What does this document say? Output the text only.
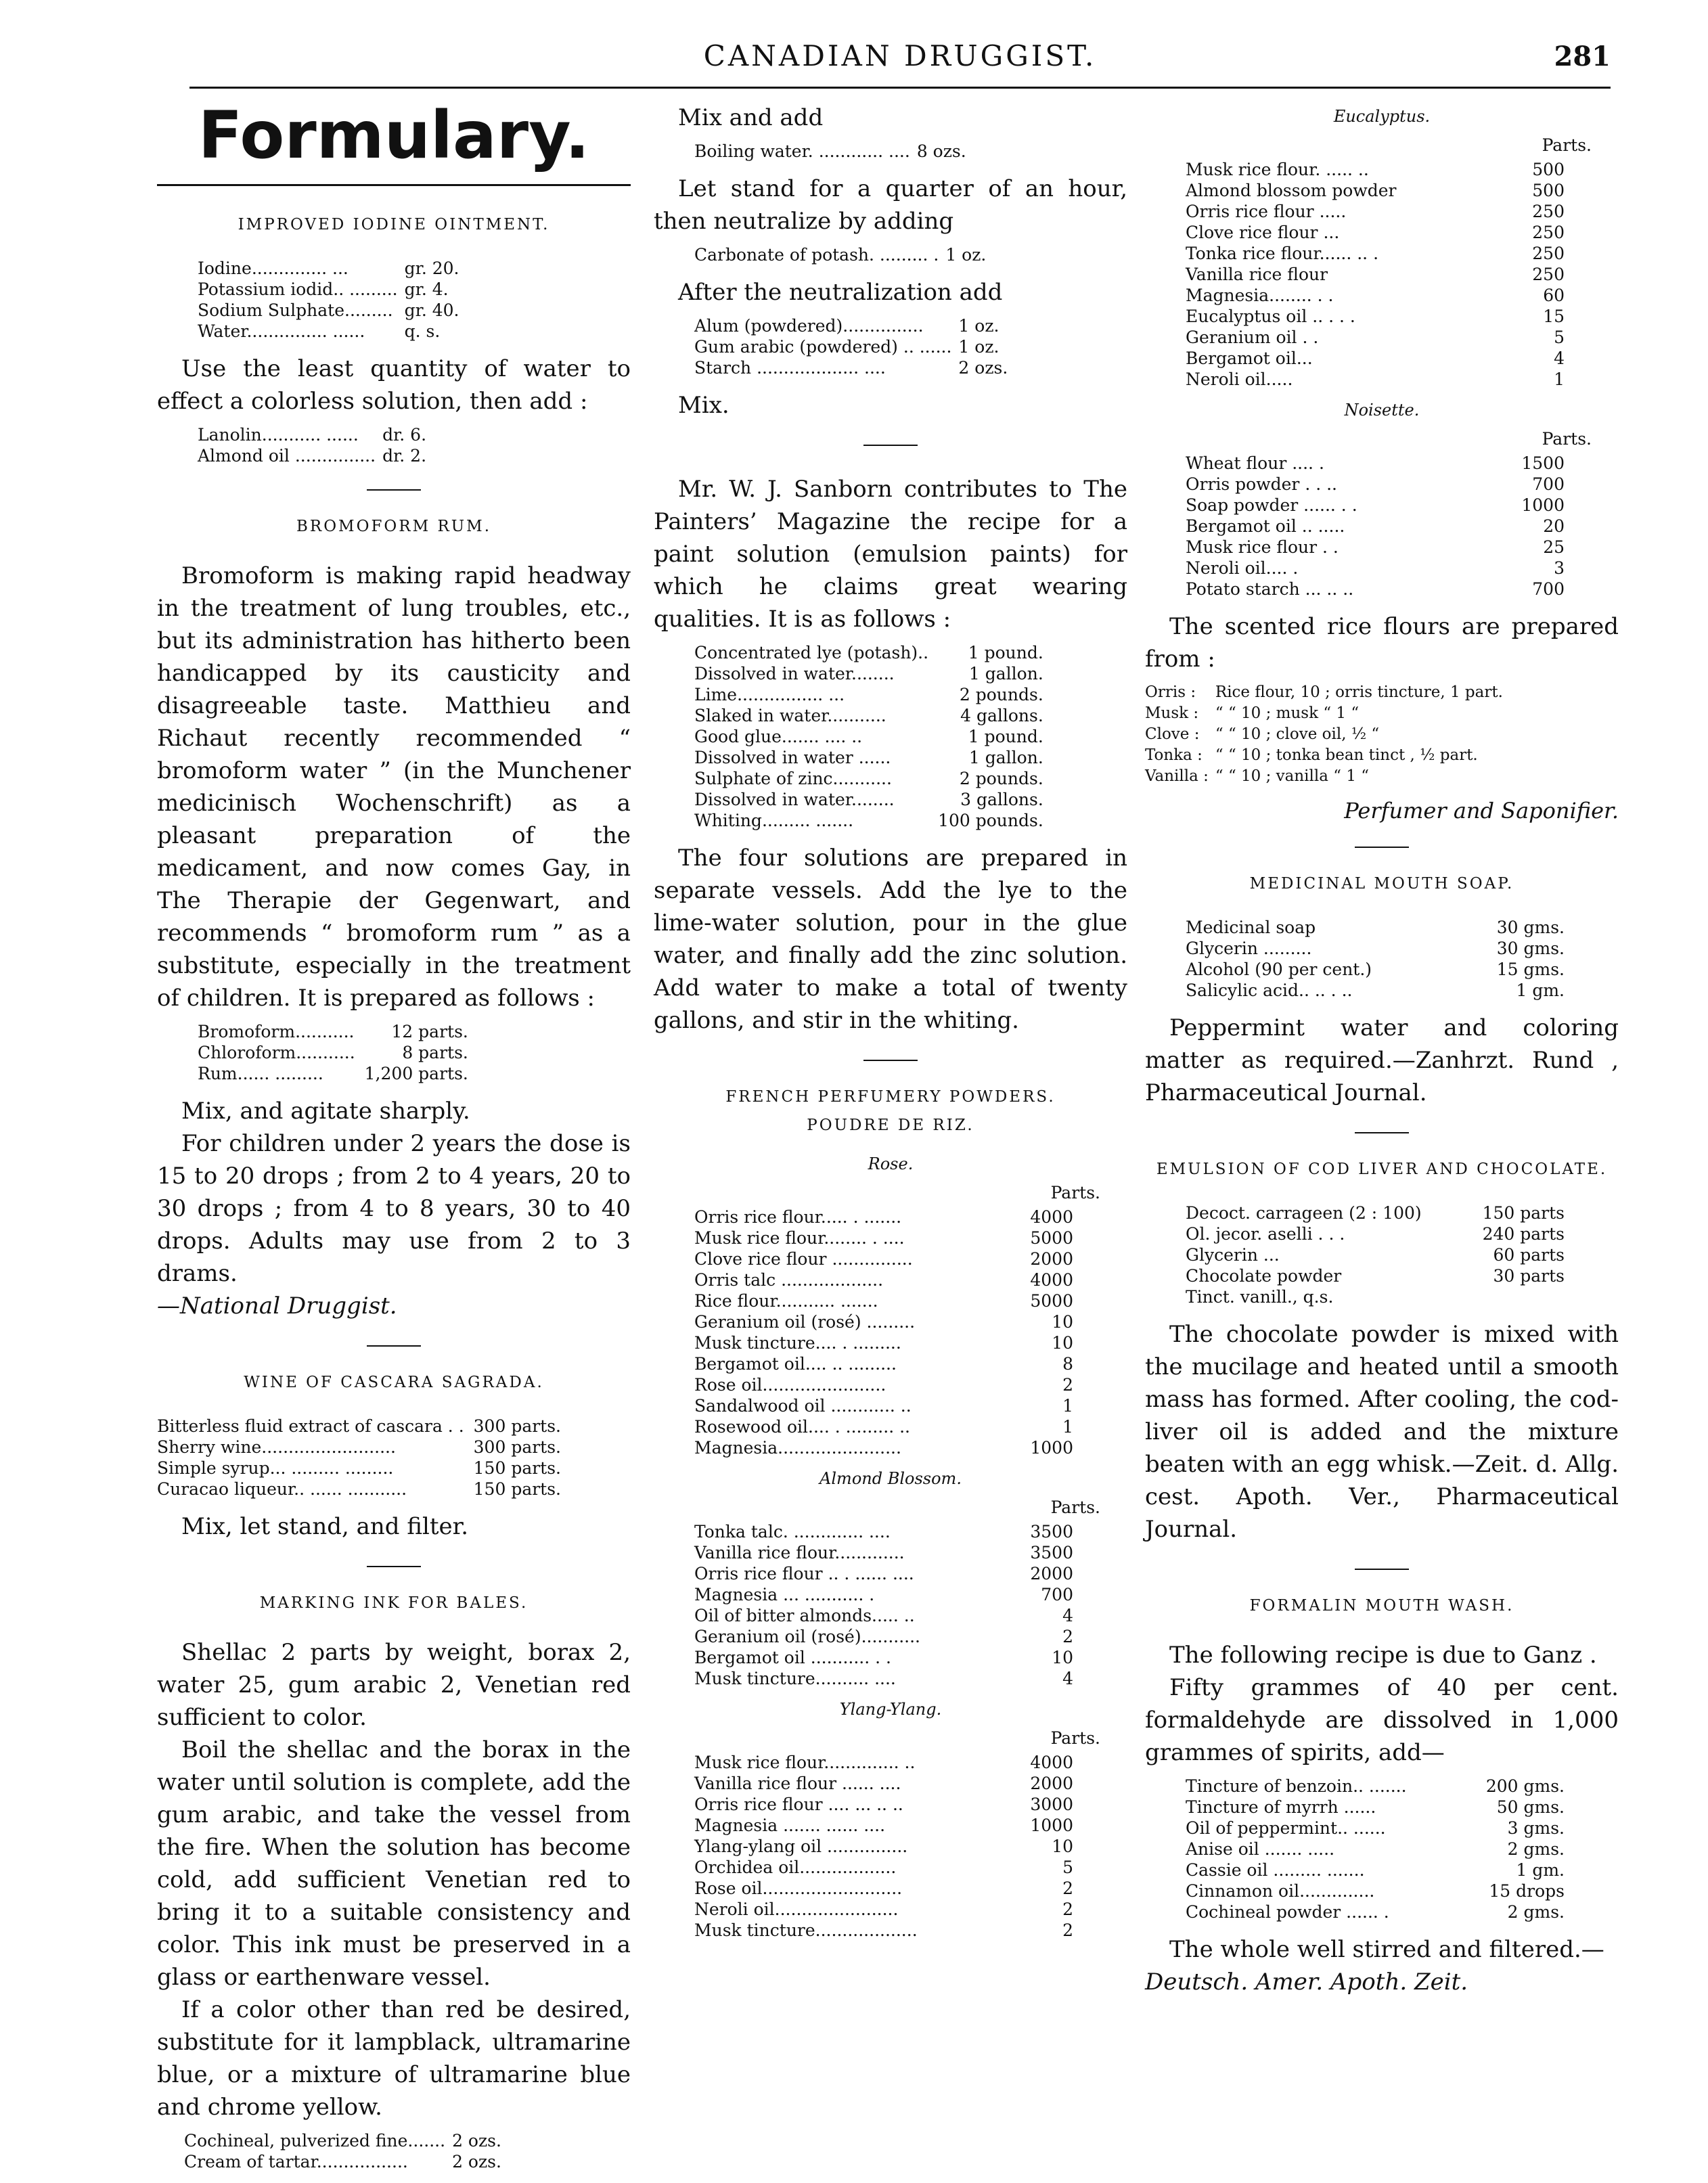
CANADIAN DRUGGIST.	281
Formulary.
IMPROVED IODINE OINTMENT.
Iodine.............. ...	gr. 20.
Potassium iodid.. .........	gr. 4.
Sodium Sulphate.........	gr. 40.
Water............... ......	q. s.

Use the least quantity of water to effect a colorless solution, then add :

Lanolin........... ......	dr. 6.
Almond oil ...............	dr. 2.
BROMOFORM RUM.

Bromoform is making rapid headway in the treatment of lung troubles, etc., but its administration has hitherto been handicapped by its causticity and disagreeable taste. Matthieu and Richaut recently recommended “ bromoform water ” (in the Munchener medicinisch Wochenschrift) as a pleasant preparation of the medicament, and now comes Gay, in The Therapie der Gegenwart, and recommends “ bromoform rum ” as a substitute, especially in the treatment of children. It is prepared as follows :

Bromoform...........	12 parts.
Chloroform...........	8 parts.
Rum...... .........	1,200 parts.

Mix, and agitate sharply.

For children under 2 years the dose is 15 to 20 drops ; from 2 to 4 years, 20 to 30 drops ; from 4 to 8 years, 30 to 40 drops. Adults may use from 2 to 3 drams.

—National Druggist.

WINE OF CASCARA SAGRADA.
Bitterless fluid extract of cascara . .	300 parts.
Sherry wine.........................	300 parts.
Simple syrup... ......... .........	150 parts.
Curacao liqueur.. ...... ...........	150 parts.

Mix, let stand, and filter.

MARKING INK FOR BALES.

Shellac 2 parts by weight, borax 2, water 25, gum arabic 2, Venetian red sufficient to color.

Boil the shellac and the borax in the water until solution is complete, add the gum arabic, and take the vessel from the fire. When the solution has become cold, add sufficient Venetian red to bring it to a suitable consistency and color. This ink must be preserved in a glass or earthenware vessel.

If a color other than red be desired, substitute for it lampblack, ultramarine blue, or a mixture of ultramarine blue and chrome yellow.

Cochineal, pulverized fine.......	2 ozs.
Cream of tartar.................	2 ozs.

Mix and add

Boiling water. ............ ....	8 ozs.

Let stand for a quarter of an hour, then neutralize by adding

Carbonate of potash. ......... .	1 oz.

After the neutralization add

Alum (powdered)...............	1 oz.
Gum arabic (powdered) .. ......	1 oz.
Starch ................... ....	2 ozs.

Mix.

Mr. W. J. Sanborn contributes to The Painters’ Magazine the recipe for a paint solution (emulsion paints) for which he claims great wearing qualities. It is as follows :

Concentrated lye (potash)..	1 pound.
Dissolved in water........	1 gallon.
Lime................ ...	2 pounds.
Slaked in water...........	4 gallons.
Good glue....... .... ..	1 pound.
Dissolved in water ......	1 gallon.
Sulphate of zinc...........	2 pounds.
Dissolved in water........	3 gallons.
Whiting......... .......	100 pounds.

The four solutions are prepared in separate vessels. Add the lye to the lime-water solution, pour in the glue water, and finally add the zinc solution. Add water to make a total of twenty gallons, and stir in the whiting.

FRENCH PERFUMERY POWDERS.
POUDRE DE RIZ.
Rose.
Parts.
Orris rice flour..... . .......	4000
Musk rice flour........ . ....	5000
Clove rice flour ...............	2000
Orris talc ...................	4000
Rice flour........... .......	5000
Geranium oil (rosé) .........	10
Musk tincture.... . .........	10
Bergamot oil.... .. .........	8
Rose oil.......................	2
Sandalwood oil ............ ..	1
Rosewood oil.... . ......... ..	1
Magnesia.......................	1000
Almond Blossom.
Parts.
Tonka talc. ............. ....	3500
Vanilla rice flour.............	3500
Orris rice flour .. . ...... ....	2000
Magnesia ... ........... .	700
Oil of bitter almonds..... ..	4
Geranium oil (rosé)...........	2
Bergamot oil ........... . .	10
Musk tincture.......... ....	4
Ylang-Ylang.
Parts.
Musk rice flour.............. ..	4000
Vanilla rice flour ...... ....	2000
Orris rice flour .... ... .. ..	3000
Magnesia ....... ...... ....	1000
Ylang-ylang oil ...............	10
Orchidea oil..................	5
Rose oil..........................	2
Neroli oil.......................	2
Musk tincture...................	2
Eucalyptus.
Parts.
Musk rice flour. ..... ..	500
Almond blossom powder	500
Orris rice flour .....	250
Clove rice flour ...	250
Tonka rice flour...... .. .	250
Vanilla rice flour	250
Magnesia........ . .	60
Eucalyptus oil .. . . .	15
Geranium oil . .	5
Bergamot oil...	4
Neroli oil.....	1
Noisette.
Parts.
Wheat flour .... .	1500
Orris powder . . ..	700
Soap powder ...... . .	1000
Bergamot oil .. .....	20
Musk rice flour . .	25
Neroli oil.... .	3
Potato starch ... .. ..	700

The scented rice flours are prepared from :

Orris :	Rice flour, 10 ; orris tincture, 1 part.
Musk :	“ “ 10 ; musk “ 1 “
Clove :	“ “ 10 ; clove oil, ½ “
Tonka :	“ “ 10 ; tonka bean tinct , ½ part.
Vanilla :	“ “ 10 ; vanilla “ 1 “
Perfumer and Saponifier.
MEDICINAL MOUTH SOAP.
Medicinal soap	30 gms.
Glycerin .........	30 gms.
Alcohol (90 per cent.)	15 gms.
Salicylic acid.. .. . ..	1 gm.

Peppermint water and coloring matter as required.—Zanhrzt. Rund , Pharmaceutical Journal.

EMULSION OF COD LIVER AND CHOCOLATE.
Decoct. carrageen (2 : 100)	150 parts
Ol. jecor. aselli . . .	240 parts
Glycerin ...	60 parts
Chocolate powder	30 parts
Tinct. vanill., q.s.	

The chocolate powder is mixed with the mucilage and heated until a smooth mass has formed. After cooling, the cod-liver oil is added and the mixture beaten with an egg whisk.—Zeit. d. Allg. cest. Apoth. Ver., Pharmaceutical Journal.

FORMALIN MOUTH WASH.

The following recipe is due to Ganz .

Fifty grammes of 40 per cent. formaldehyde are dissolved in 1,000 grammes of spirits, add—

Tincture of benzoin.. .......	200 gms.
Tincture of myrrh ......	50 gms.
Oil of peppermint.. ......	3 gms.
Anise oil ....... .....	2 gms.
Cassie oil ......... .......	1 gm.
Cinnamon oil..............	15 drops
Cochineal powder ...... .	2 gms.

The whole well stirred and filtered.—

Deutsch. Amer. Apoth. Zeit.
